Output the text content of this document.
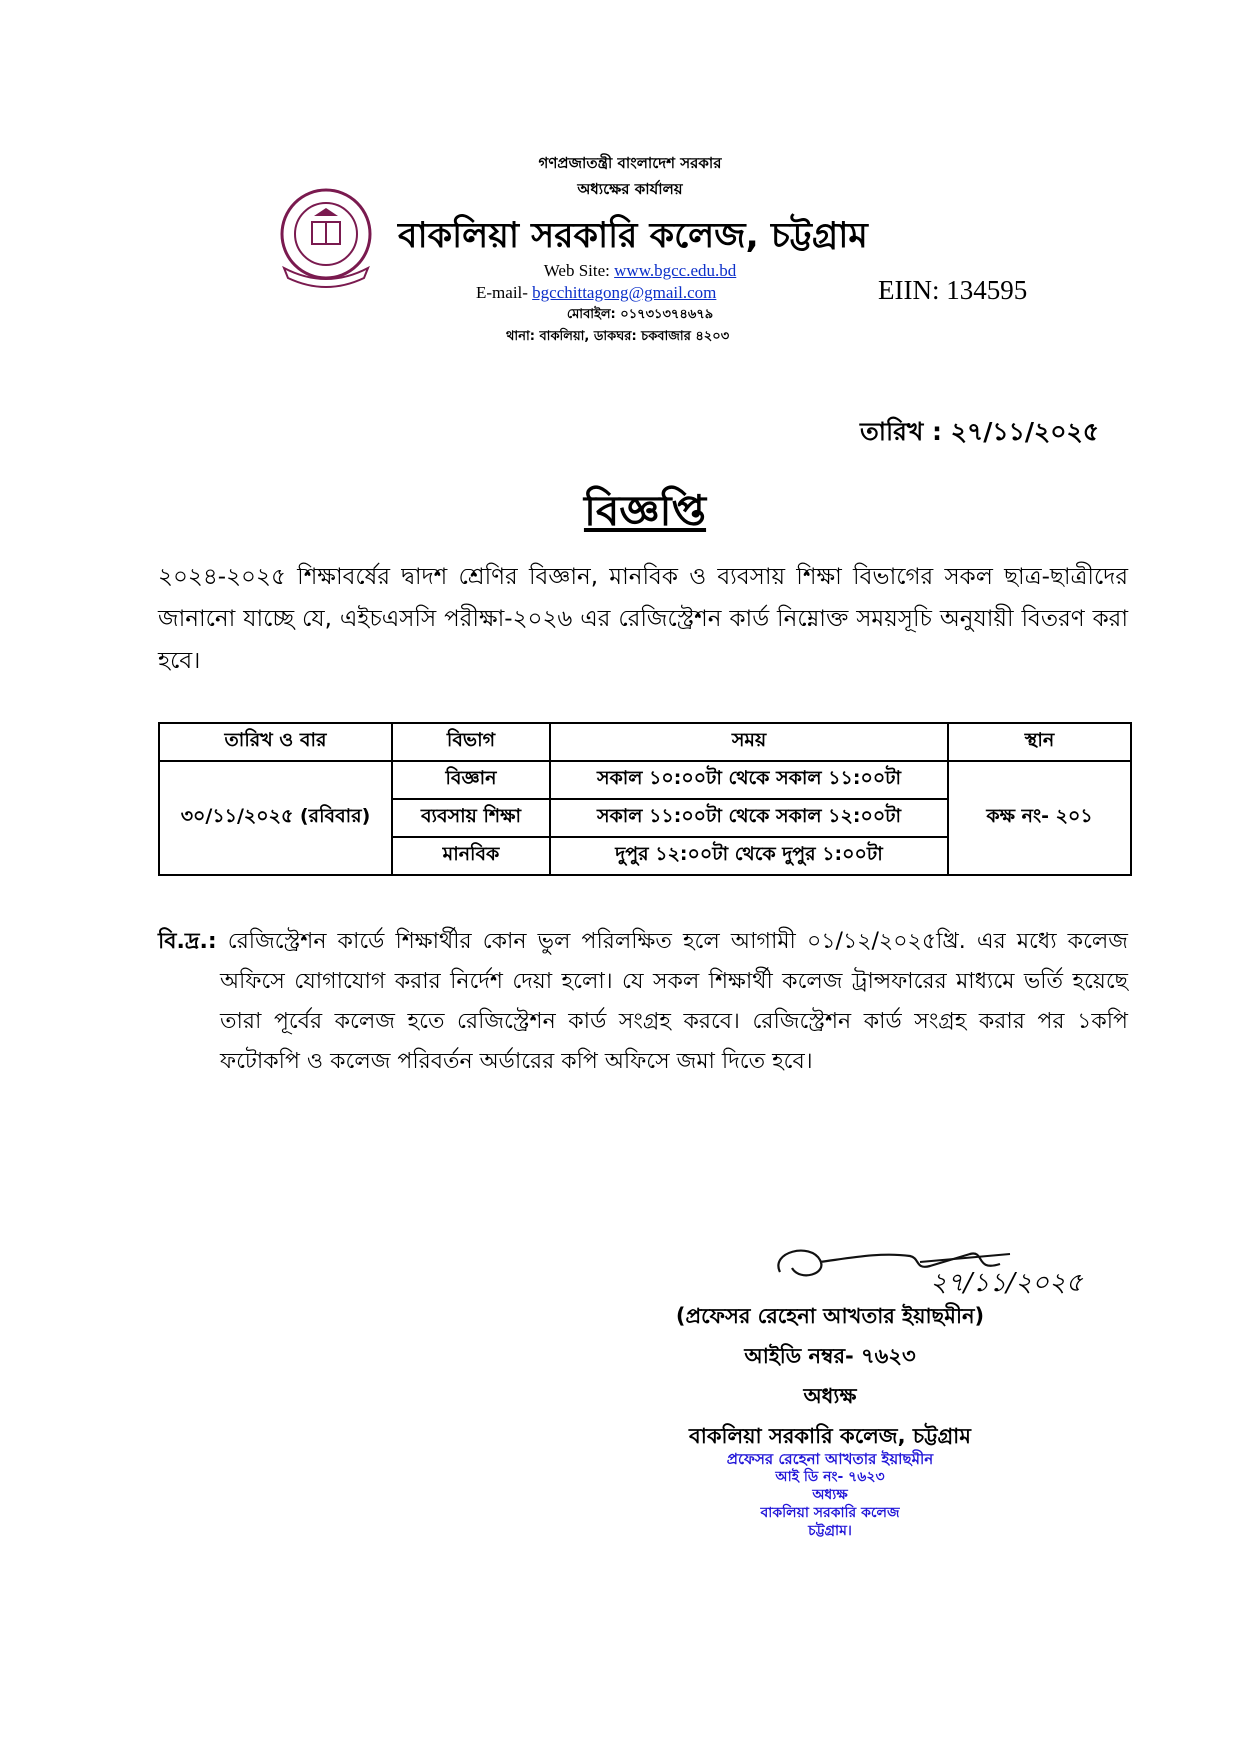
গণপ্রজাতন্ত্রী বাংলাদেশ সরকার
অধ্যক্ষের কার্যালয়
বাকলিয়া সরকারি কলেজ, চট্টগ্রাম
Web Site: www.bgcc.edu.bd
E-mail- bgcchittagong@gmail.com
মোবাইল: ০১৭৩১৩৭৪৬৭৯
থানা: বাকলিয়া, ডাকঘর: চকবাজার ৪২০৩
EIIN: 134595
তারিখ : ২৭/১১/২০২৫
বিজ্ঞপ্তি
২০২৪-২০২৫ শিক্ষাবর্ষের দ্বাদশ শ্রেণির বিজ্ঞান, মানবিক ও ব্যবসায় শিক্ষা বিভাগের সকল ছাত্র-ছাত্রীদের জানানো যাচ্ছে যে, এইচএসসি পরীক্ষা-২০২৬ এর রেজিস্ট্রেশন কার্ড নিম্নোক্ত সময়সূচি অনুযায়ী বিতরণ করা হবে।
তারিখ ও বার	বিভাগ	সময়	স্থান
৩০/১১/২০২৫ (রবিবার)	বিজ্ঞান	সকাল ১০:০০টা থেকে সকাল ১১:০০টা	কক্ষ নং- ২০১
	ব্যবসায় শিক্ষা	সকাল ১১:০০টা থেকে সকাল ১২:০০টা	
	মানবিক	দুপুর ১২:০০টা থেকে দুপুর ১:০০টা	
বি.দ্র.: রেজিস্ট্রেশন কার্ডে শিক্ষার্থীর কোন ভুল পরিলক্ষিত হলে আগামী ০১/১২/২০২৫খ্রি. এর মধ্যে কলেজ অফিসে যোগাযোগ করার নির্দেশ দেয়া হলো। যে সকল শিক্ষার্থী কলেজ ট্রান্সফারের মাধ্যমে ভর্তি হয়েছে তারা পূর্বের কলেজ হতে রেজিস্ট্রেশন কার্ড সংগ্রহ করবে। রেজিস্ট্রেশন কার্ড সংগ্রহ করার পর ১কপি ফটোকপি ও কলেজ পরিবর্তন অর্ডারের কপি অফিসে জমা দিতে হবে।
২৭/১১/২০২৫
(প্রফেসর রেহেনা আখতার ইয়াছমীন)
আইডি নম্বর- ৭৬২৩
অধ্যক্ষ
বাকলিয়া সরকারি কলেজ, চট্টগ্রাম
প্রফেসর রেহেনা আখতার ইয়াছমীন
আই ডি নং- ৭৬২৩
অধ্যক্ষ
বাকলিয়া সরকারি কলেজ
চট্টগ্রাম।
